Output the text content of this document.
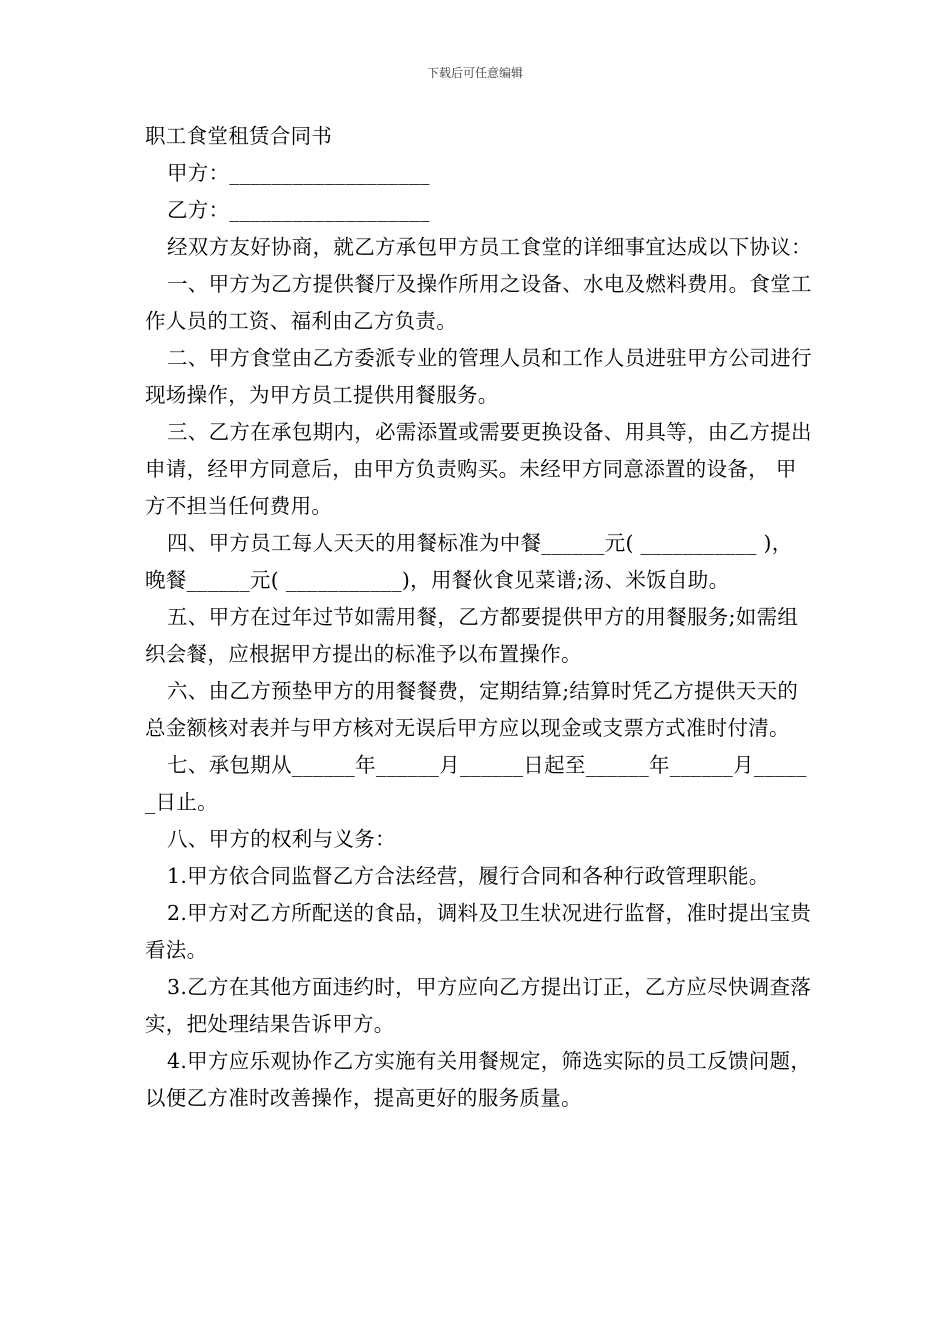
下载后可任意编辑
职工食堂租赁合同书

甲方：___________________

乙方：___________________

经双方友好协商，就乙方承包甲方员工食堂的详细事宜达成以下协议：

一、甲方为乙方提供餐厅及操作所用之设备、水电及燃料费用。食堂工作人员的工资、福利由乙方负责。

二、甲方食堂由乙方委派专业的管理人员和工作人员进驻甲方公司进行现场操作，为甲方员工提供用餐服务。

三、乙方在承包期内，必需添置或需要更换设备、用具等，由乙方提出申请，经甲方同意后，由甲方负责购买。未经甲方同意添置的设备， 甲方不担当任何费用。

四、甲方员工每人天天的用餐标准为中餐______元( ___________ )，晚餐______元( ___________)，用餐伙食见菜谱;汤、米饭自助。

五、甲方在过年过节如需用餐，乙方都要提供甲方的用餐服务;如需组织会餐，应根据甲方提出的标准予以布置操作。

六、由乙方预垫甲方的用餐餐费，定期结算;结算时凭乙方提供天天的总金额核对表并与甲方核对无误后甲方应以现金或支票方式准时付清。

七、承包期从______年______月______日起至______年______月______日止。

八、甲方的权利与义务：

1.甲方依合同监督乙方合法经营，履行合同和各种行政管理职能。

2.甲方对乙方所配送的食品，调料及卫生状况进行监督，准时提出宝贵看法。

3.乙方在其他方面违约时，甲方应向乙方提出订正，乙方应尽快调查落实，把处理结果告诉甲方。

4.甲方应乐观协作乙方实施有关用餐规定，筛选实际的员工反馈问题，以便乙方准时改善操作，提高更好的服务质量。
